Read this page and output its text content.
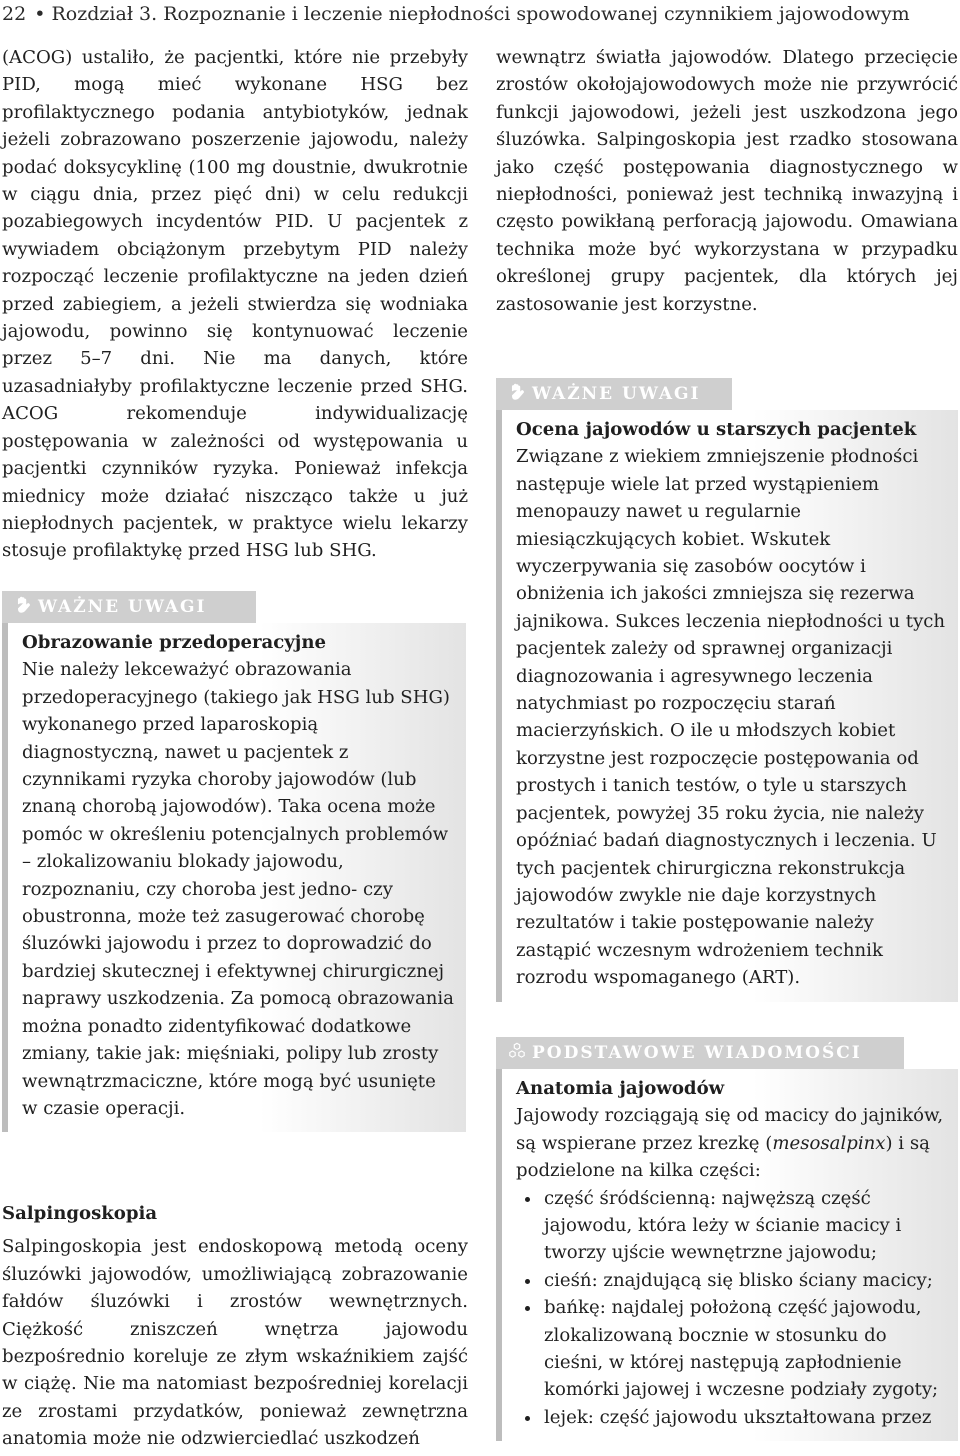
22 • Rozdział 3. Rozpoznanie i leczenie niepłodności spowodowanej czynnikiem jajowodowym

(ACOG) ustaliło, że pacjentki, które nie przebyły PID, mogą mieć wykonane HSG bez profilaktycznego podania antybiotyków, jednak jeżeli zobrazowano poszerzenie jajowodu, należy podać doksycyklinę (100 mg doustnie, dwukrotnie w ciągu dnia, przez pięć dni) w celu redukcji pozabiegowych incydentów PID. U pacjentek z wywiadem obciążonym przebytym PID należy rozpocząć leczenie profilaktyczne na jeden dzień przed zabiegiem, a jeżeli stwierdza się wodniaka jajowodu, powinno się kontynuować leczenie przez 5–7 dni. Nie ma danych, które uzasadniałyby profilaktyczne leczenie przed SHG. ACOG rekomenduje indywidualizację postępowania w zależności od występowania u pacjentki czynników ryzyka. Ponieważ infekcja miednicy może działać niszcząco także u już niepłodnych pacjentek, w praktyce wielu lekarzy stosuje profilaktykę przed HSG lub SHG.

WAŻNE UWAGI
Obrazowanie przedoperacyjne

Nie należy lekceważyć obrazowania przedoperacyjnego (takiego jak HSG lub SHG) wykonanego przed laparoskopią diagnostyczną, nawet u pacjentek z czynnikami ryzyka choroby jajowodów (lub znaną chorobą jajowodów). Taka ocena może pomóc w określeniu potencjalnych problemów – zlokalizowaniu blokady jajowodu, rozpoznaniu, czy choroba jest jedno- czy obustronna, może też zasugerować chorobę śluzówki jajowodu i przez to doprowadzić do bardziej skutecznej i efektywnej chirurgicznej naprawy uszkodzenia. Za pomocą obrazowania można ponadto zidentyfikować dodatkowe zmiany, takie jak: mięśniaki, polipy lub zrosty wewnątrzmaciczne, które mogą być usunięte w czasie operacji.

Salpingoskopia

Salpingoskopia jest endoskopową metodą oceny śluzówki jajowodów, umożliwiającą zobrazowanie fałdów śluzówki i zrostów wewnętrznych. Ciężkość zniszczeń wnętrza jajowodu bezpośrednio koreluje ze złym wskaźnikiem zajść w ciążę. Nie ma natomiast bezpośredniej korelacji ze zrostami przydatków, ponieważ zewnętrzna anatomia może nie odzwierciedlać uszkodzeń

wewnątrz światła jajowodów. Dlatego przecięcie zrostów okołojajowodowych może nie przywrócić funkcji jajowodowi, jeżeli jest uszkodzona jego śluzówka. Salpingoskopia jest rzadko stosowana jako część postępowania diagnostycznego w niepłodności, ponieważ jest techniką inwazyjną i często powikłaną perforacją jajowodu. Omawiana technika może być wykorzystana w przypadku określonej grupy pacjentek, dla których jej zastosowanie jest korzystne.

WAŻNE UWAGI
Ocena jajowodów u starszych pacjentek

Związane z wiekiem zmniejszenie płodności następuje wiele lat przed wystąpieniem menopauzy nawet u regularnie miesiączkujących kobiet. Wskutek wyczerpywania się zasobów oocytów i obniżenia ich jakości zmniejsza się rezerwa jajnikowa. Sukces leczenia niepłodności u tych pacjentek zależy od sprawnej organizacji diagnozowania i agresywnego leczenia natychmiast po rozpoczęciu starań macierzyńskich. O ile u młodszych kobiet korzystne jest rozpoczęcie postępowania od prostych i tanich testów, o tyle u starszych pacjentek, powyżej 35 roku życia, nie należy opóźniać badań diagnostycznych i leczenia. U tych pacjentek chirurgiczna rekonstrukcja jajowodów zwykle nie daje korzystnych rezultatów i takie postępowanie należy zastąpić wczesnym wdrożeniem technik rozrodu wspomaganego (ART).

PODSTAWOWE WIADOMOŚCI
Anatomia jajowodów

Jajowody rozciągają się od macicy do jajników, są wspierane przez krezkę (mesosalpinx) i są podzielone na kilka części:

• część śródścienną: najwęższą część jajowodu, która leży w ścianie macicy i tworzy ujście wewnętrzne jajowodu;
• cieśń: znajdującą się blisko ściany macicy;
• bańkę: najdalej położoną część jajowodu, zlokalizowaną bocznie w stosunku do cieśni, w której następują zapłodnienie komórki jajowej i wczesne podziały zygoty;
• lejek: część jajowodu ukształtowana przez
